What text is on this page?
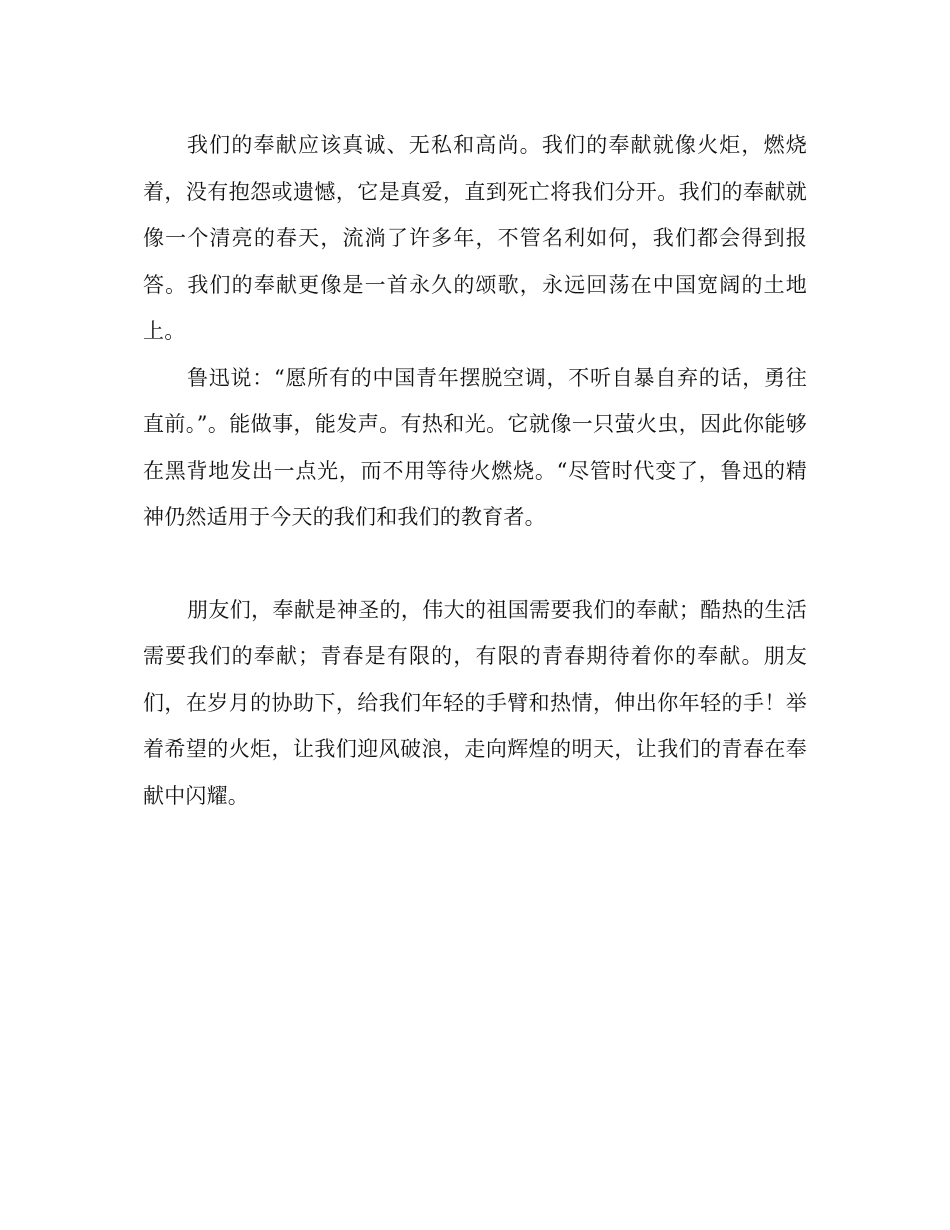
我们的奉献应该真诚、无私和高尚。我们的奉献就像火炬，燃烧着，没有抱怨或遗憾，它是真爱，直到死亡将我们分开。我们的奉献就像一个清亮的春天，流淌了许多年，不管名利如何，我们都会得到报答。我们的奉献更像是一首永久的颂歌，永远回荡在中国宽阔的土地上。

鲁迅说：“愿所有的中国青年摆脱空调，不听自暴自弃的话，勇往直前。”。能做事，能发声。有热和光。它就像一只萤火虫，因此你能够在黑背地发出一点光，而不用等待火燃烧。“尽管时代变了，鲁迅的精神仍然适用于今天的我们和我们的教育者。

朋友们，奉献是神圣的，伟大的祖国需要我们的奉献；酷热的生活需要我们的奉献；青春是有限的，有限的青春期待着你的奉献。朋友们，在岁月的协助下，给我们年轻的手臂和热情，伸出你年轻的手！举着希望的火炬，让我们迎风破浪，走向辉煌的明天，让我们的青春在奉献中闪耀。
